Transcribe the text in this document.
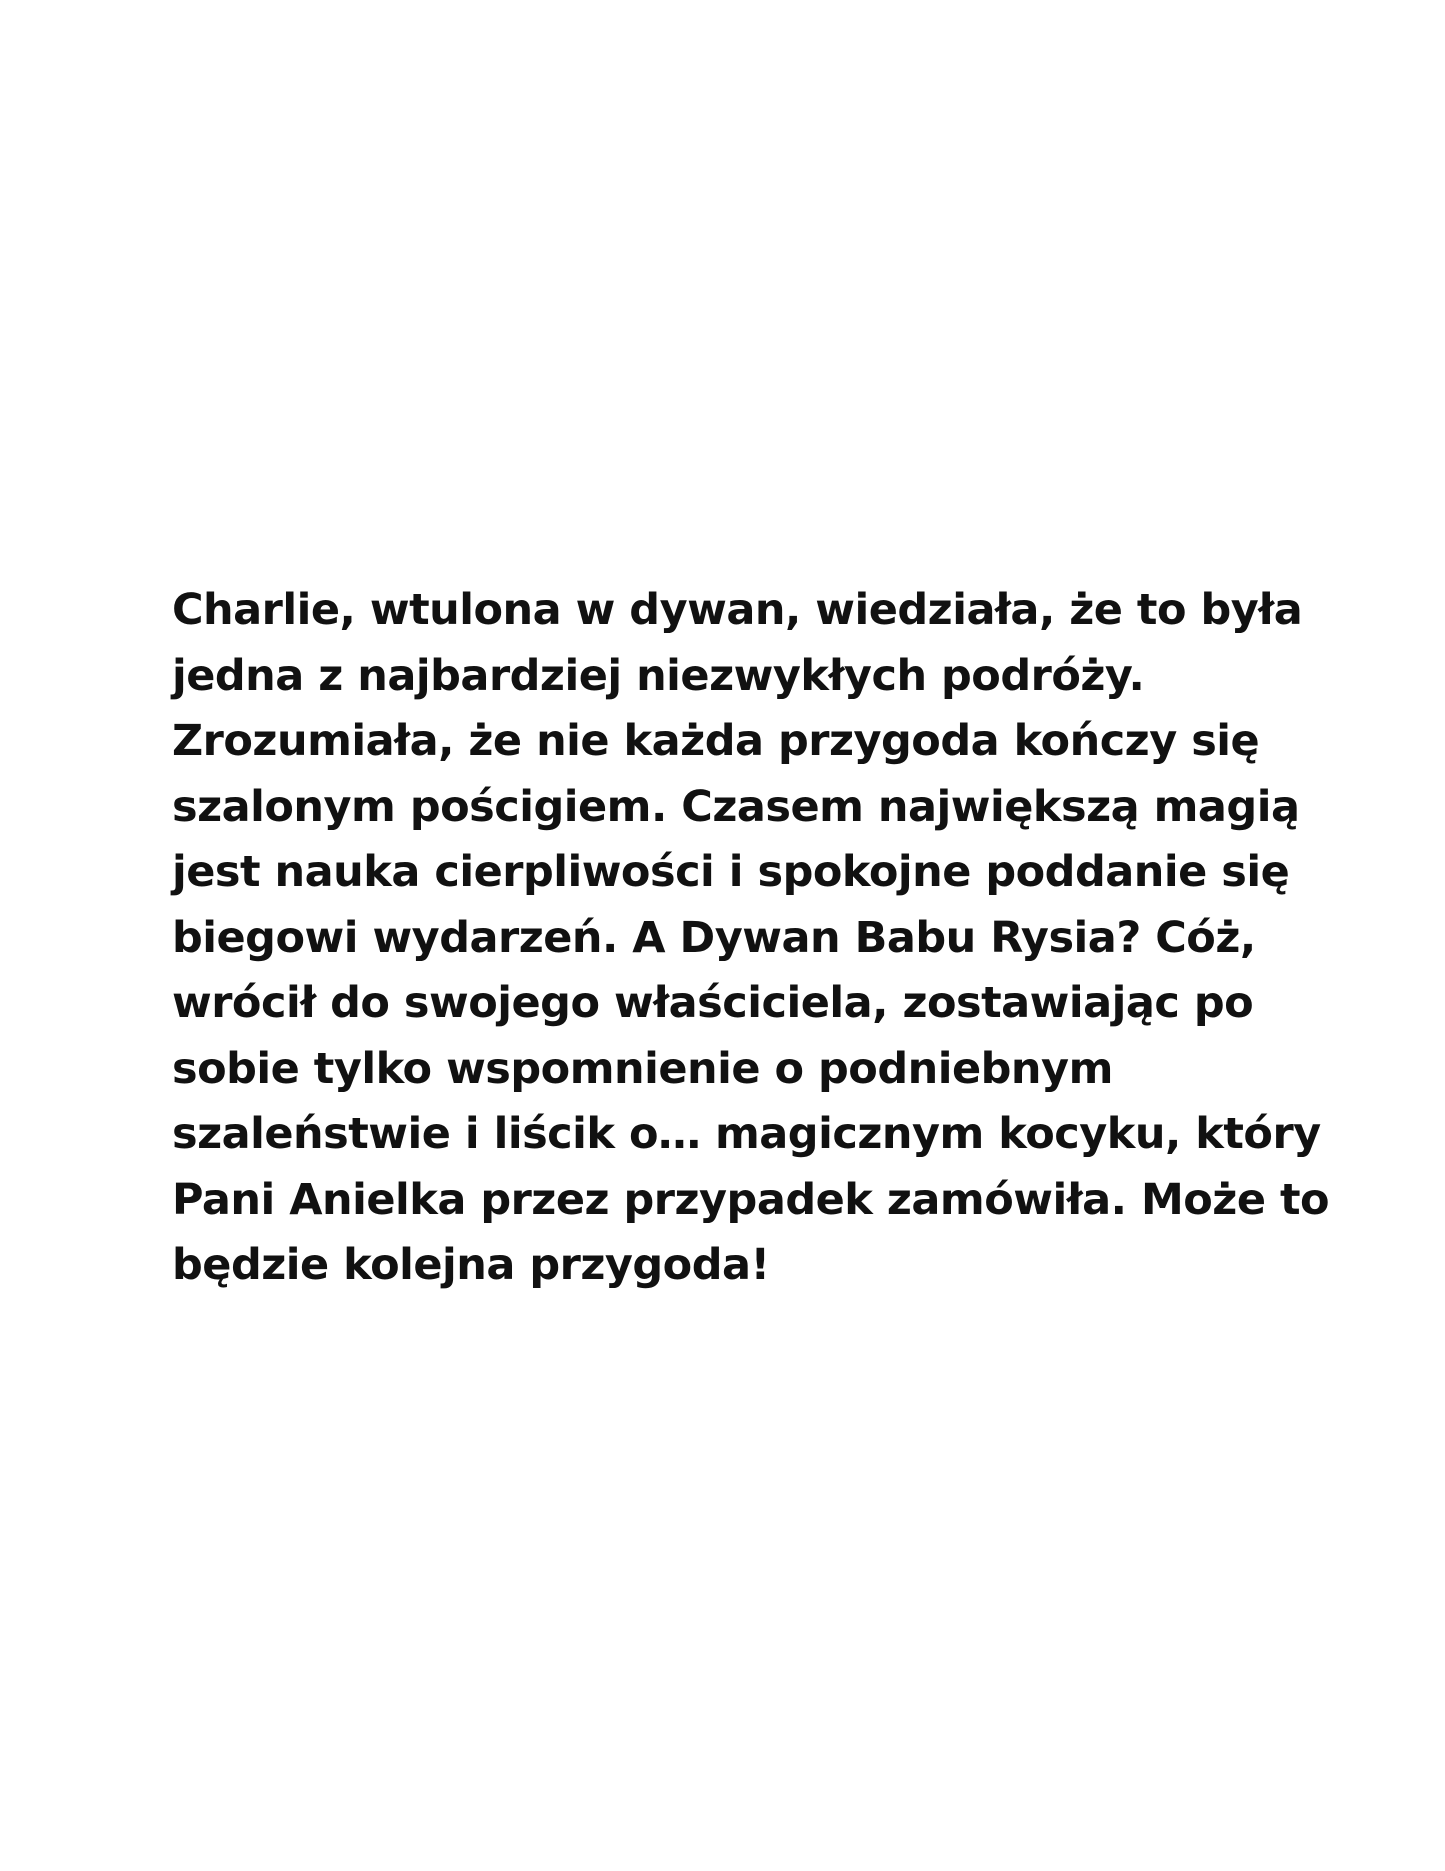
Charlie, wtulona w dywan, wiedziała, że to była
jedna z najbardziej niezwykłych podróży.
Zrozumiała, że nie każda przygoda kończy się
szalonym pościgiem. Czasem największą magią
jest nauka cierpliwości i spokojne poddanie się
biegowi wydarzeń. A Dywan Babu Rysia? Cóż,
wrócił do swojego właściciela, zostawiając po
sobie tylko wspomnienie o podniebnym
szaleństwie i liścik o… magicznym kocyku, który
Pani Anielka przez przypadek zamówiła. Może to
będzie kolejna przygoda!
